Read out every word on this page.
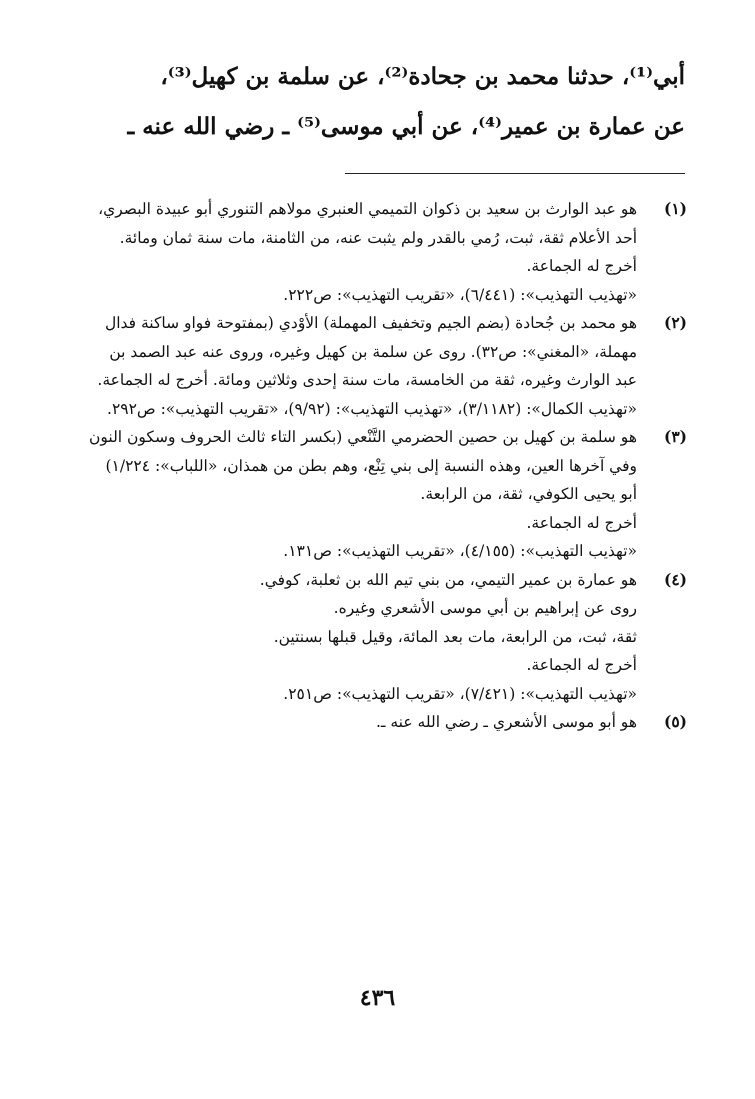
أبي⁽¹⁾، حدثنا محمد بن جحادة⁽²⁾، عن سلمة بن كهيل⁽³⁾،

عن عمارة بن عمير⁽⁴⁾، عن أبي موسى⁽⁵⁾ ـ رضي الله عنه ـ

(١)

هو عبد الوارث بن سعيد بن ذكوان التميمي العنبري مولاهم التنوري أبو عبيدة البصري، أحد الأعلام ثقة، ثبت، رُمي بالقدر ولم يثبت عنه، من الثامنة، مات سنة ثمان ومائة. أخرج له الجماعة.

«تهذيب التهذيب»: (٦/٤٤١)، «تقريب التهذيب»: ص٢٢٢.

(٢)

هو محمد بن جُحادة (بضم الجيم وتخفيف المهملة) الأوْدي (بمفتوحة فواو ساكنة فدال مهملة، «المغني»: ص٣٢). روى عن سلمة بن كهيل وغيره، وروى عنه عبد الصمد بن عبد الوارث وغيره، ثقة من الخامسة، مات سنة إحدى وثلاثين ومائة. أخرج له الجماعة.

«تهذيب الكمال»: (٣/١١٨٢)، «تهذيب التهذيب»: (٩/٩٢)، «تقريب التهذيب»: ص٢٩٢.

(٣)

هو سلمة بن كهيل بن حصين الحضرمي التَّنْعي (بكسر التاء ثالث الحروف وسكون النون وفي آخرها العين، وهذه النسبة إلى بني تِنْع، وهم بطن من همذان، «اللباب»: ١/٢٢٤) أبو يحيى الكوفي، ثقة، من الرابعة.

أخرج له الجماعة.

«تهذيب التهذيب»: (٤/١٥٥)، «تقريب التهذيب»: ص١٣١.

(٤)

هو عمارة بن عمير التيمي، من بني تيم الله بن ثعلبة، كوفي.

روى عن إبراهيم بن أبي موسى الأشعري وغيره.

ثقة، ثبت، من الرابعة، مات بعد المائة، وقيل قبلها بسنتين.

أخرج له الجماعة.

«تهذيب التهذيب»: (٧/٤٢١)، «تقريب التهذيب»: ص٢٥١.

(٥)

هو أبو موسى الأشعري ـ رضي الله عنه ـ.

٤٣٦
